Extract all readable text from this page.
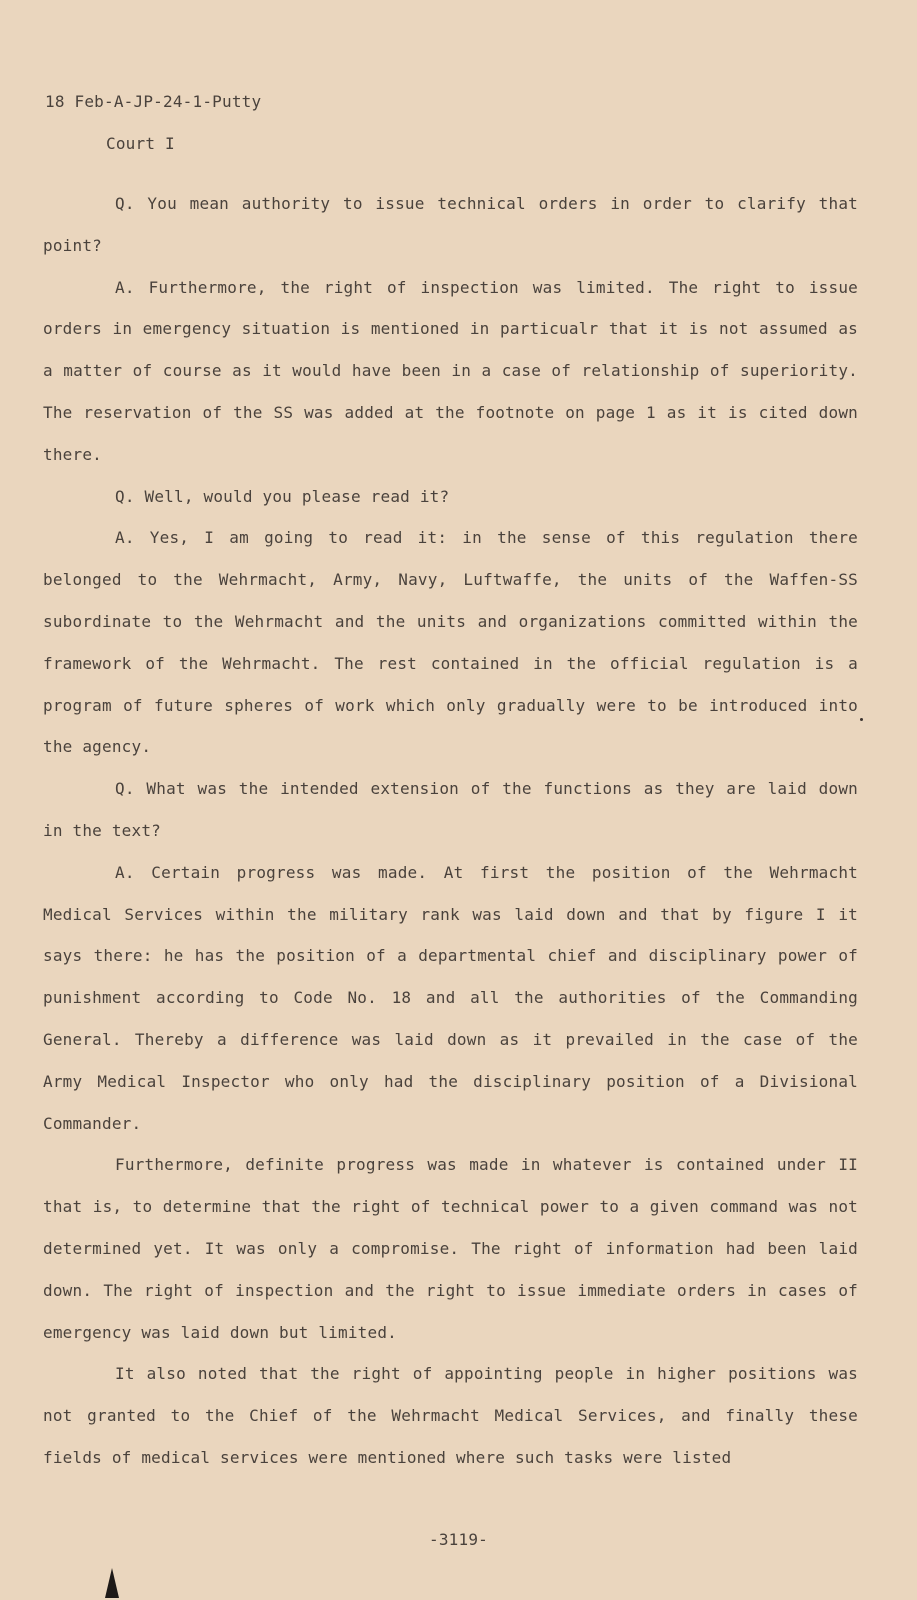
18 Feb-A-JP-24-1-Putty
Court I

Q. You mean authority to issue technical orders in order to clarify that point?

A. Furthermore, the right of inspection was limited. The right to issue orders in emergency situation is mentioned in particualr that it is not assumed as a matter of course as it would have been in a case of relationship of superiority. The reservation of the SS was added at the footnote on page 1 as it is cited down there.

Q. Well, would you please read it?

A. Yes, I am going to read it: in the sense of this regulation there belonged to the Wehrmacht, Army, Navy, Luftwaffe, the units of the Waffen-SS subordinate to the Wehrmacht and the units and organizations committed within the framework of the Wehrmacht. The rest contained in the official regulation is a program of future spheres of work which only gradually were to be introduced into the agency.

Q. What was the intended extension of the functions as they are laid down in the text?

A. Certain progress was made. At first the position of the Wehrmacht Medical Services within the military rank was laid down and that by figure I it says there: he has the position of a departmental chief and disciplinary power of punishment according to Code No. 18 and all the authorities of the Commanding General. Thereby a difference was laid down as it prevailed in the case of the Army Medical Inspector who only had the disciplinary position of a Divisional Commander.

Furthermore, definite progress was made in whatever is contained under II that is, to determine that the right of technical power to a given command was not determined yet. It was only a compromise. The right of information had been laid down. The right of inspection and the right to issue immediate orders in cases of emergency was laid down but limited.

It also noted that the right of appointing people in higher positions was not granted to the Chief of the Wehrmacht Medical Services, and finally these fields of medical services were mentioned where such tasks were listed

-3119-
